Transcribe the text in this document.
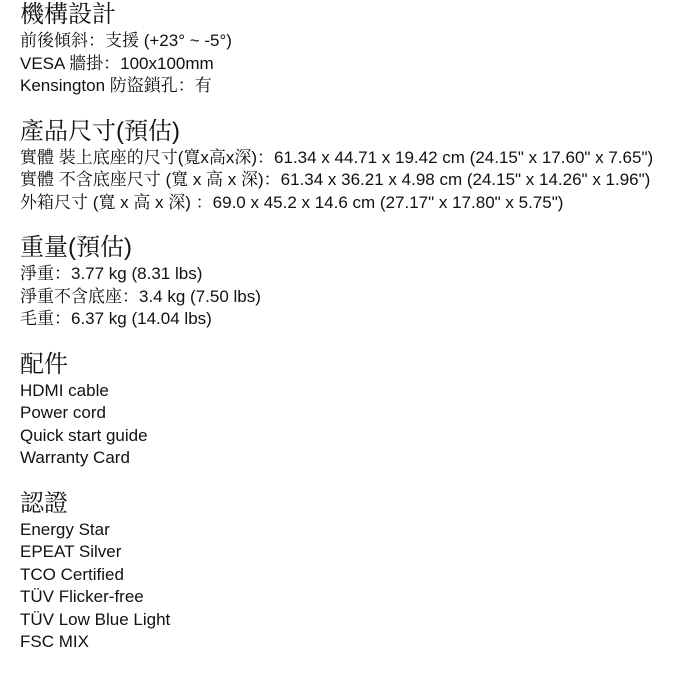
機構設計

前後傾斜：支援 (+23° ~ -5°)

VESA 牆掛：100x100mm

Kensington 防盜鎖孔：有

產品尺寸(預估)

實體 裝上底座的尺寸(寬x高x深)：61.34 x 44.71 x 19.42 cm (24.15" x 17.60" x 7.65")

實體 不含底座尺寸 (寬 x 高 x 深)：61.34 x 36.21 x 4.98 cm (24.15" x 14.26" x 1.96")

外箱尺寸 (寬 x 高 x 深) ：69.0 x 45.2 x 14.6 cm (27.17" x 17.80" x 5.75")

重量(預估)

淨重：3.77 kg (8.31 lbs)

淨重不含底座：3.4 kg (7.50 lbs)

毛重：6.37 kg (14.04 lbs)

配件

HDMI cable

Power cord

Quick start guide

Warranty Card

認證

Energy Star

EPEAT Silver

TCO Certified

TÜV Flicker-free

TÜV Low Blue Light

FSC MIX
